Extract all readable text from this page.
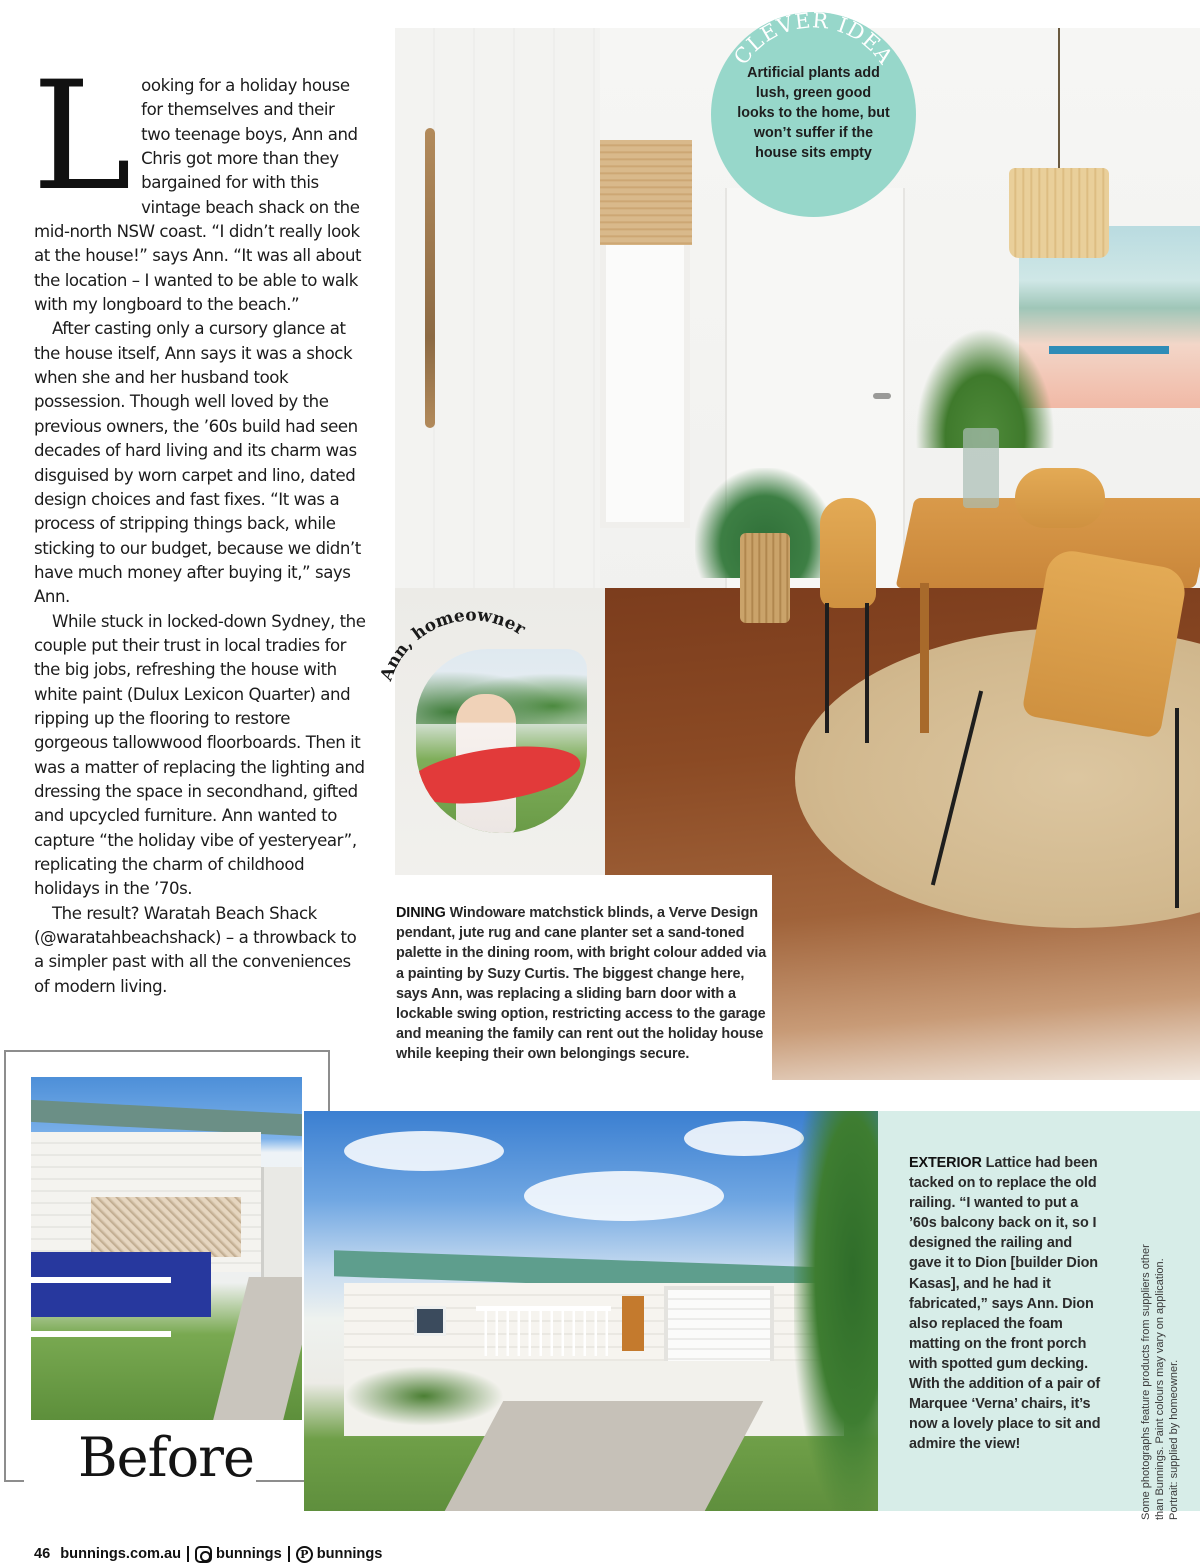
Looking for a holiday house for themselves and their two teenage boys, Ann and Chris got more than they bargained for with this vintage beach shack on the mid-north NSW coast. “I didn’t really look at the house!” says Ann. “It was all about the location – I wanted to be able to walk with my longboard to the beach.”

After casting only a cursory glance at the house itself, Ann says it was a shock when she and her husband took possession. Though well loved by the previous owners, the ’60s build had seen decades of hard living and its charm was disguised by worn carpet and lino, dated design choices and fast fixes. “It was a process of stripping things back, while sticking to our budget, because we didn’t have much money after buying it,” says Ann.

While stuck in locked-down Sydney, the couple put their trust in local tradies for the big jobs, refreshing the house with white paint (Dulux Lexicon Quarter) and ripping up the flooring to restore gorgeous tallowwood floorboards. Then it was a matter of replacing the lighting and dressing the space in secondhand, gifted and upcycled furniture. Ann wanted to capture “the holiday vibe of yesteryear”, replicating the charm of childhood holidays in the ’70s.

The result? Waratah Beach Shack (@waratahbeachshack) – a throwback to a simpler past with all the conveniences of modern living.

CLEVER IDEA
Artificial plants add lush, green good looks to the home, but won’t suffer if the house sits empty
Ann, homeowner

DINING Windoware matchstick blinds, a Verve Design pendant, jute rug and cane planter set a sand-toned palette in the dining room, with bright colour added via a painting by Suzy Curtis. The biggest change here, says Ann, was replacing a sliding barn door with a lockable swing option, restricting access to the garage and meaning the family can rent out the holiday house while keeping their own belongings secure.

Before

EXTERIOR Lattice had been tacked on to replace the old railing. “I wanted to put a ’60s balcony back on it, so I designed the railing and gave it to Dion [builder Dion Kasas], and he had it fabricated,” says Ann. Dion also replaced the foam matting on the front porch with spotted gum decking. With the addition of a pair of Marquee ‘Verna’ chairs, it’s now a lovely place to sit and admire the view!	Some photographs feature products from suppliers other than Bunnings. Paint colours may vary on application. Portrait: supplied by homeowner.
46 bunnings.com.au bunnings	P bunnings
